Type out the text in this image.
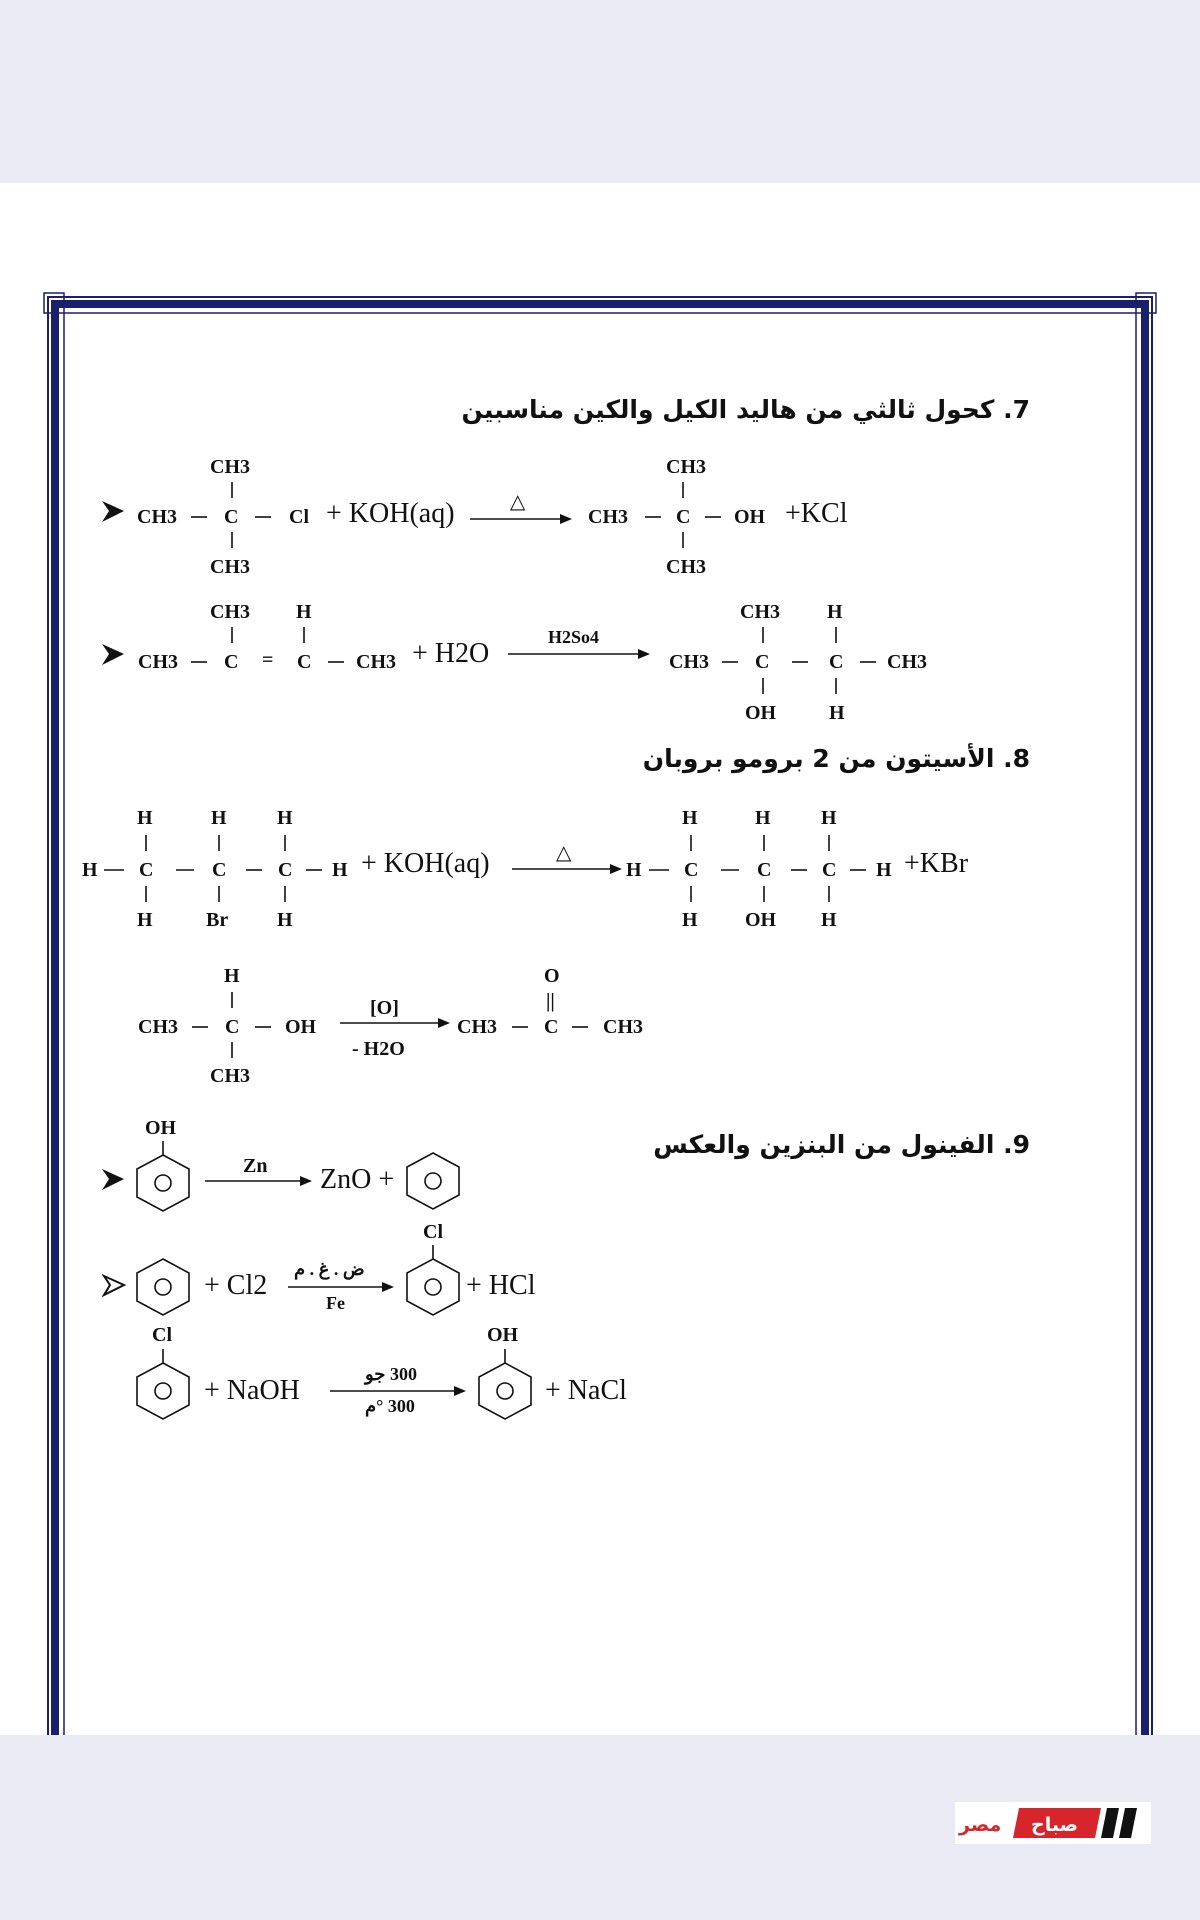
7. كحول ثالثي من هاليد الكيل والكين مناسبين
8. الأسيتون من 2 برومو بروبان
9. الفينول من البنزين والعكس
CH3
CH3 C	Cl
CH3
+ KOH(aq)	△
CH3
CH3 C OH
CH3
+KCl
CH3 H
CH3 C = C CH3 + H2O
H2So4
CH3 H
CH3 C	C CH3
OH	H
H	H	H
H C	C	C H
H	Br H
+ KOH(aq)	△
H	H	H
H C	C	C H
H OH H
+KBr
H
CH3 C OH
CH3
[O]
- H2O
O
||
CH3 C CH3
OH
Zn ZnO +
+ Cl2
ض . غ . م
Fe
Cl
+ HCl
Cl
+ NaOH
300 جو
300 °م
OH
+ NaCl
مصر صباح
